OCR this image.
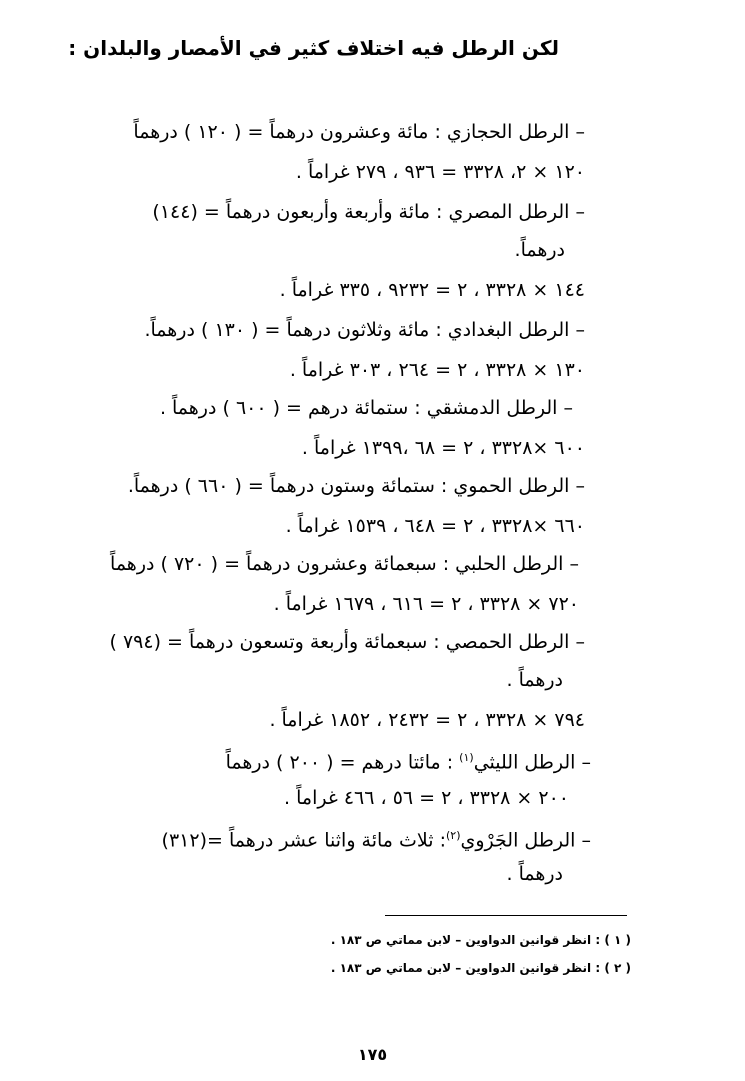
لكن الرطل فيه اختلاف كثير في الأمصار والبلدان :
– الرطل الحجازي : مائة وعشرون درهماً = ( ١٢٠ ) درهماً
١٢٠ × ٢، ٣٣٢٨ = ٩٣٦ ، ٢٧٩ غراماً .
– الرطل المصري : مائة وأربعة وأربعون درهماً = (١٤٤)
درهماً.
١٤٤ × ٣٣٢٨ ، ٢ = ٩٢٣٢ ، ٣٣٥ غراماً .
– الرطل البغدادي : مائة وثلاثون درهماً = ( ١٣٠ ) درهماً.
١٣٠ × ٣٣٢٨ ، ٢ = ٢٦٤ ، ٣٠٣ غراماً .
– الرطل الدمشقي : ستمائة درهم = ( ٦٠٠ ) درهماً .
٦٠٠ ×٣٣٢٨ ، ٢ = ٦٨ ،١٣٩٩ غراماً .
– الرطل الحموي : ستمائة وستون درهماً = ( ٦٦٠ ) درهماً.
٦٦٠ ×٣٣٢٨ ، ٢ = ٦٤٨ ، ١٥٣٩ غراماً .
– الرطل الحلبي : سبعمائة وعشرون درهماً = ( ٧٢٠ ) درهماً
٧٢٠ × ٣٣٢٨ ، ٢ = ٦١٦ ، ١٦٧٩ غراماً .
– الرطل الحمصي : سبعمائة وأربعة وتسعون درهماً = (٧٩٤ )
درهماً .
٧٩٤ × ٣٣٢٨ ، ٢ = ٢٤٣٢ ، ١٨٥٢ غراماً .
– الرطل الليثي$^{(١)}$ : مائتا درهم = ( ٢٠٠ ) درهماً
٢٠٠ × ٣٣٢٨ ، ٢ = ٥٦ ، ٤٦٦ غراماً .
– الرطل الجَرْوي$^{(٢)}$: ثلاث مائة واثنا عشر درهماً =(٣١٢)
درهماً .
( ١ ) : انظر قوانين الدواوين – لابن مماتي ص ١٨٣ .
( ٢ ) : انظر قوانين الدواوين – لابن مماتي ص ١٨٣ .
١٧٥
